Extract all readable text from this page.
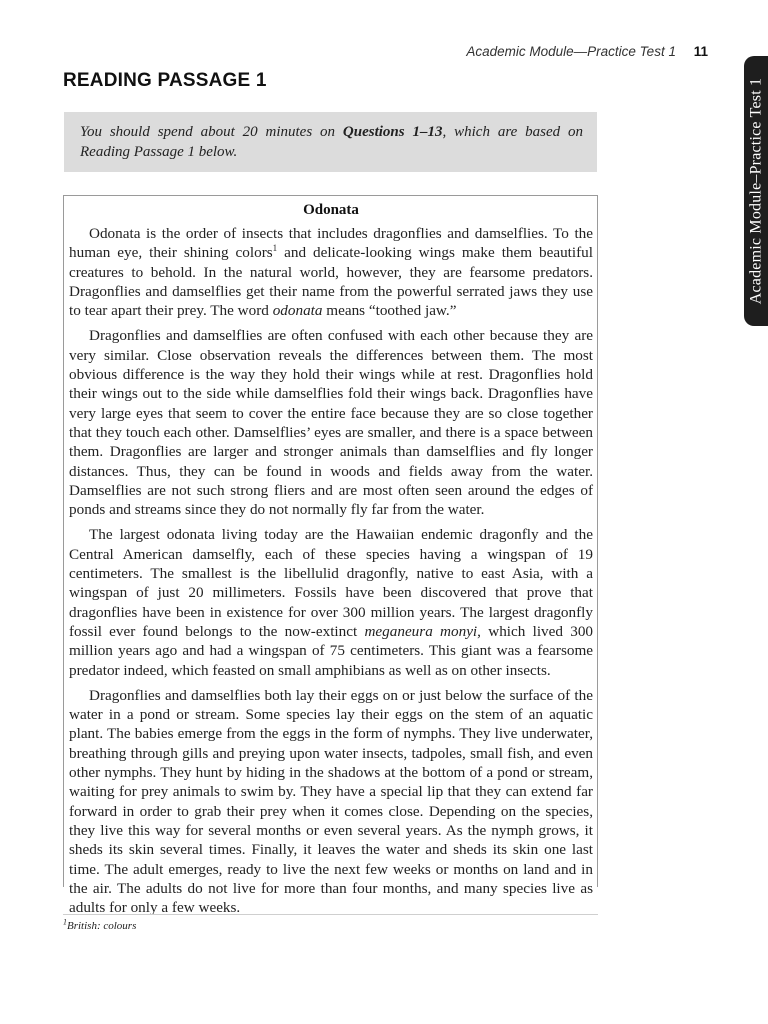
Academic Module—Practice Test 1 11
Academic Module–Practice Test 1
READING PASSAGE 1
You should spend about 20 minutes on Questions 1–13, which are based on Reading Passage 1 below.
Odonata

Odonata is the order of insects that includes dragonflies and damselflies. To the human eye, their shining colors$^1$ and delicate-looking wings make them beautiful creatures to behold. In the natural world, however, they are fearsome predators. Dragonflies and damselflies get their name from the powerful serrated jaws they use to tear apart their prey. The word odonata means “toothed jaw.”

Dragonflies and damselflies are often confused with each other because they are very similar. Close observation reveals the differences between them. The most obvious difference is the way they hold their wings while at rest. Dragonflies hold their wings out to the side while damselflies fold their wings back. Dragonflies have very large eyes that seem to cover the entire face because they are so close together that they touch each other. Damselflies’ eyes are smaller, and there is a space between them. Dragonflies are larger and stronger animals than damselflies and fly longer distances. Thus, they can be found in woods and fields away from the water. Damselflies are not such strong fliers and are most often seen around the edges of ponds and streams since they do not normally fly far from the water.

The largest odonata living today are the Hawaiian endemic dragonfly and the Central American damselfly, each of these species having a wingspan of 19 centimeters. The smallest is the libellulid dragonfly, native to east Asia, with a wingspan of just 20 millimeters. Fossils have been discovered that prove that dragonflies have been in existence for over 300 million years. The largest dragonfly fossil ever found belongs to the now-extinct meganeura monyi, which lived 300 million years ago and had a wingspan of 75 centimeters. This giant was a fearsome predator indeed, which feasted on small amphibians as well as on other insects.

Dragonflies and damselflies both lay their eggs on or just below the surface of the water in a pond or stream. Some species lay their eggs on the stem of an aquatic plant. The babies emerge from the eggs in the form of nymphs. They live underwater, breathing through gills and preying upon water insects, tadpoles, small fish, and even other nymphs. They hunt by hiding in the shadows at the bottom of a pond or stream, waiting for prey animals to swim by. They have a special lip that they can extend far forward in order to grab their prey when it comes close. Depending on the species, they live this way for several months or even several years. As the nymph grows, it sheds its skin several times. Finally, it leaves the water and sheds its skin one last time. The adult emerges, ready to live the next few weeks or months on land and in the air. The adults do not live for more than four months, and many species live as adults for only a few weeks.

$^1$British: colours
